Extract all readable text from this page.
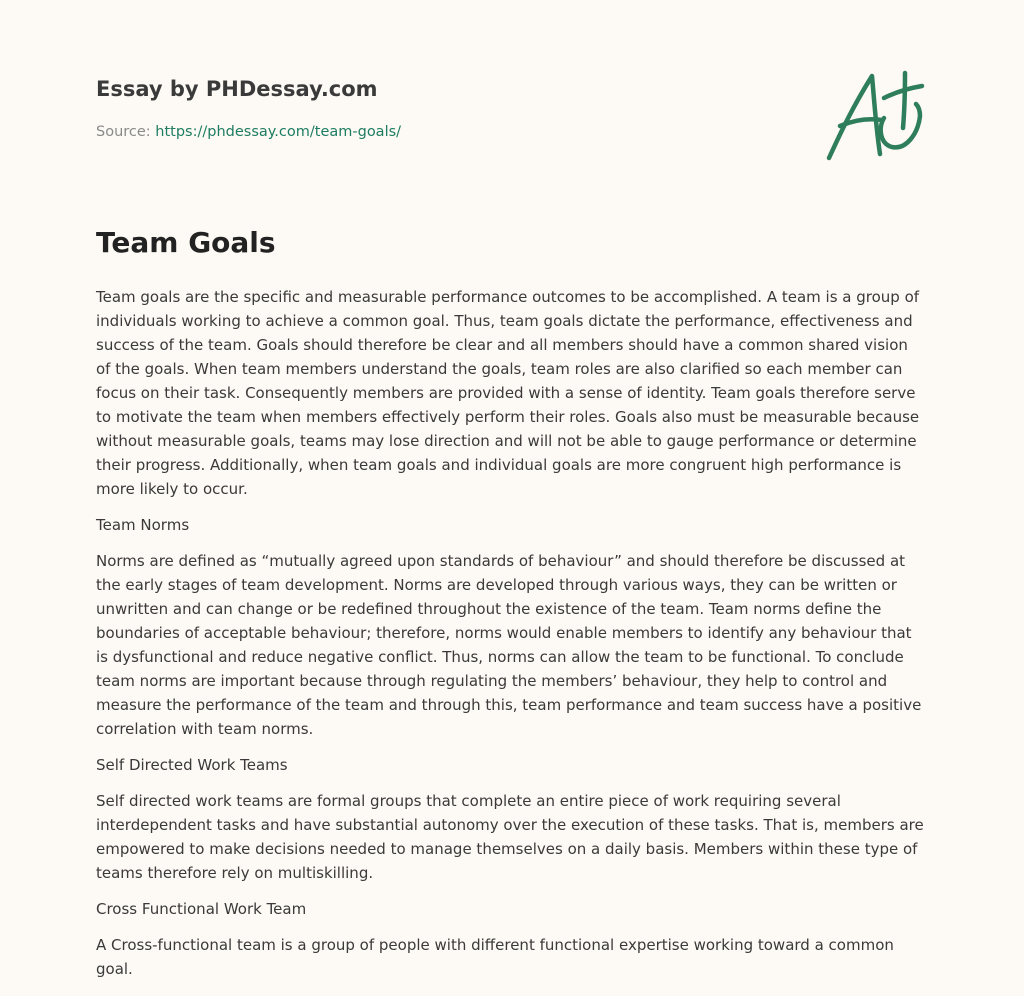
Essay by PHDessay.com
Source: https://phdessay.com/team-goals/
Team Goals

Team goals are the specific and measurable performance outcomes to be accomplished. A team is a group of individuals working to achieve a common goal. Thus, team goals dictate the performance, effectiveness and success of the team. Goals should therefore be clear and all members should have a common shared vision of the goals. When team members understand the goals, team roles are also clarified so each member can focus on their task. Consequently members are provided with a sense of identity. Team goals therefore serve to motivate the team when members effectively perform their roles. Goals also must be measurable because without measurable goals, teams may lose direction and will not be able to gauge performance or determine their progress. Additionally, when team goals and individual goals are more congruent high performance is more likely to occur.

Team Norms

Norms are defined as “mutually agreed upon standards of behaviour” and should therefore be discussed at the early stages of team development. Norms are developed through various ways, they can be written or unwritten and can change or be redefined throughout the existence of the team. Team norms define the boundaries of acceptable behaviour; therefore, norms would enable members to identify any behaviour that is dysfunctional and reduce negative conflict. Thus, norms can allow the team to be functional. To conclude team norms are important because through regulating the members’ behaviour, they help to control and measure the performance of the team and through this, team performance and team success have a positive correlation with team norms.

Self Directed Work Teams

Self directed work teams are formal groups that complete an entire piece of work requiring several interdependent tasks and have substantial autonomy over the execution of these tasks. That is, members are empowered to make decisions needed to manage themselves on a daily basis. Members within these type of teams therefore rely on multiskilling.

Cross Functional Work Team

A Cross-functional team is a group of people with different functional expertise working toward a common goal.
